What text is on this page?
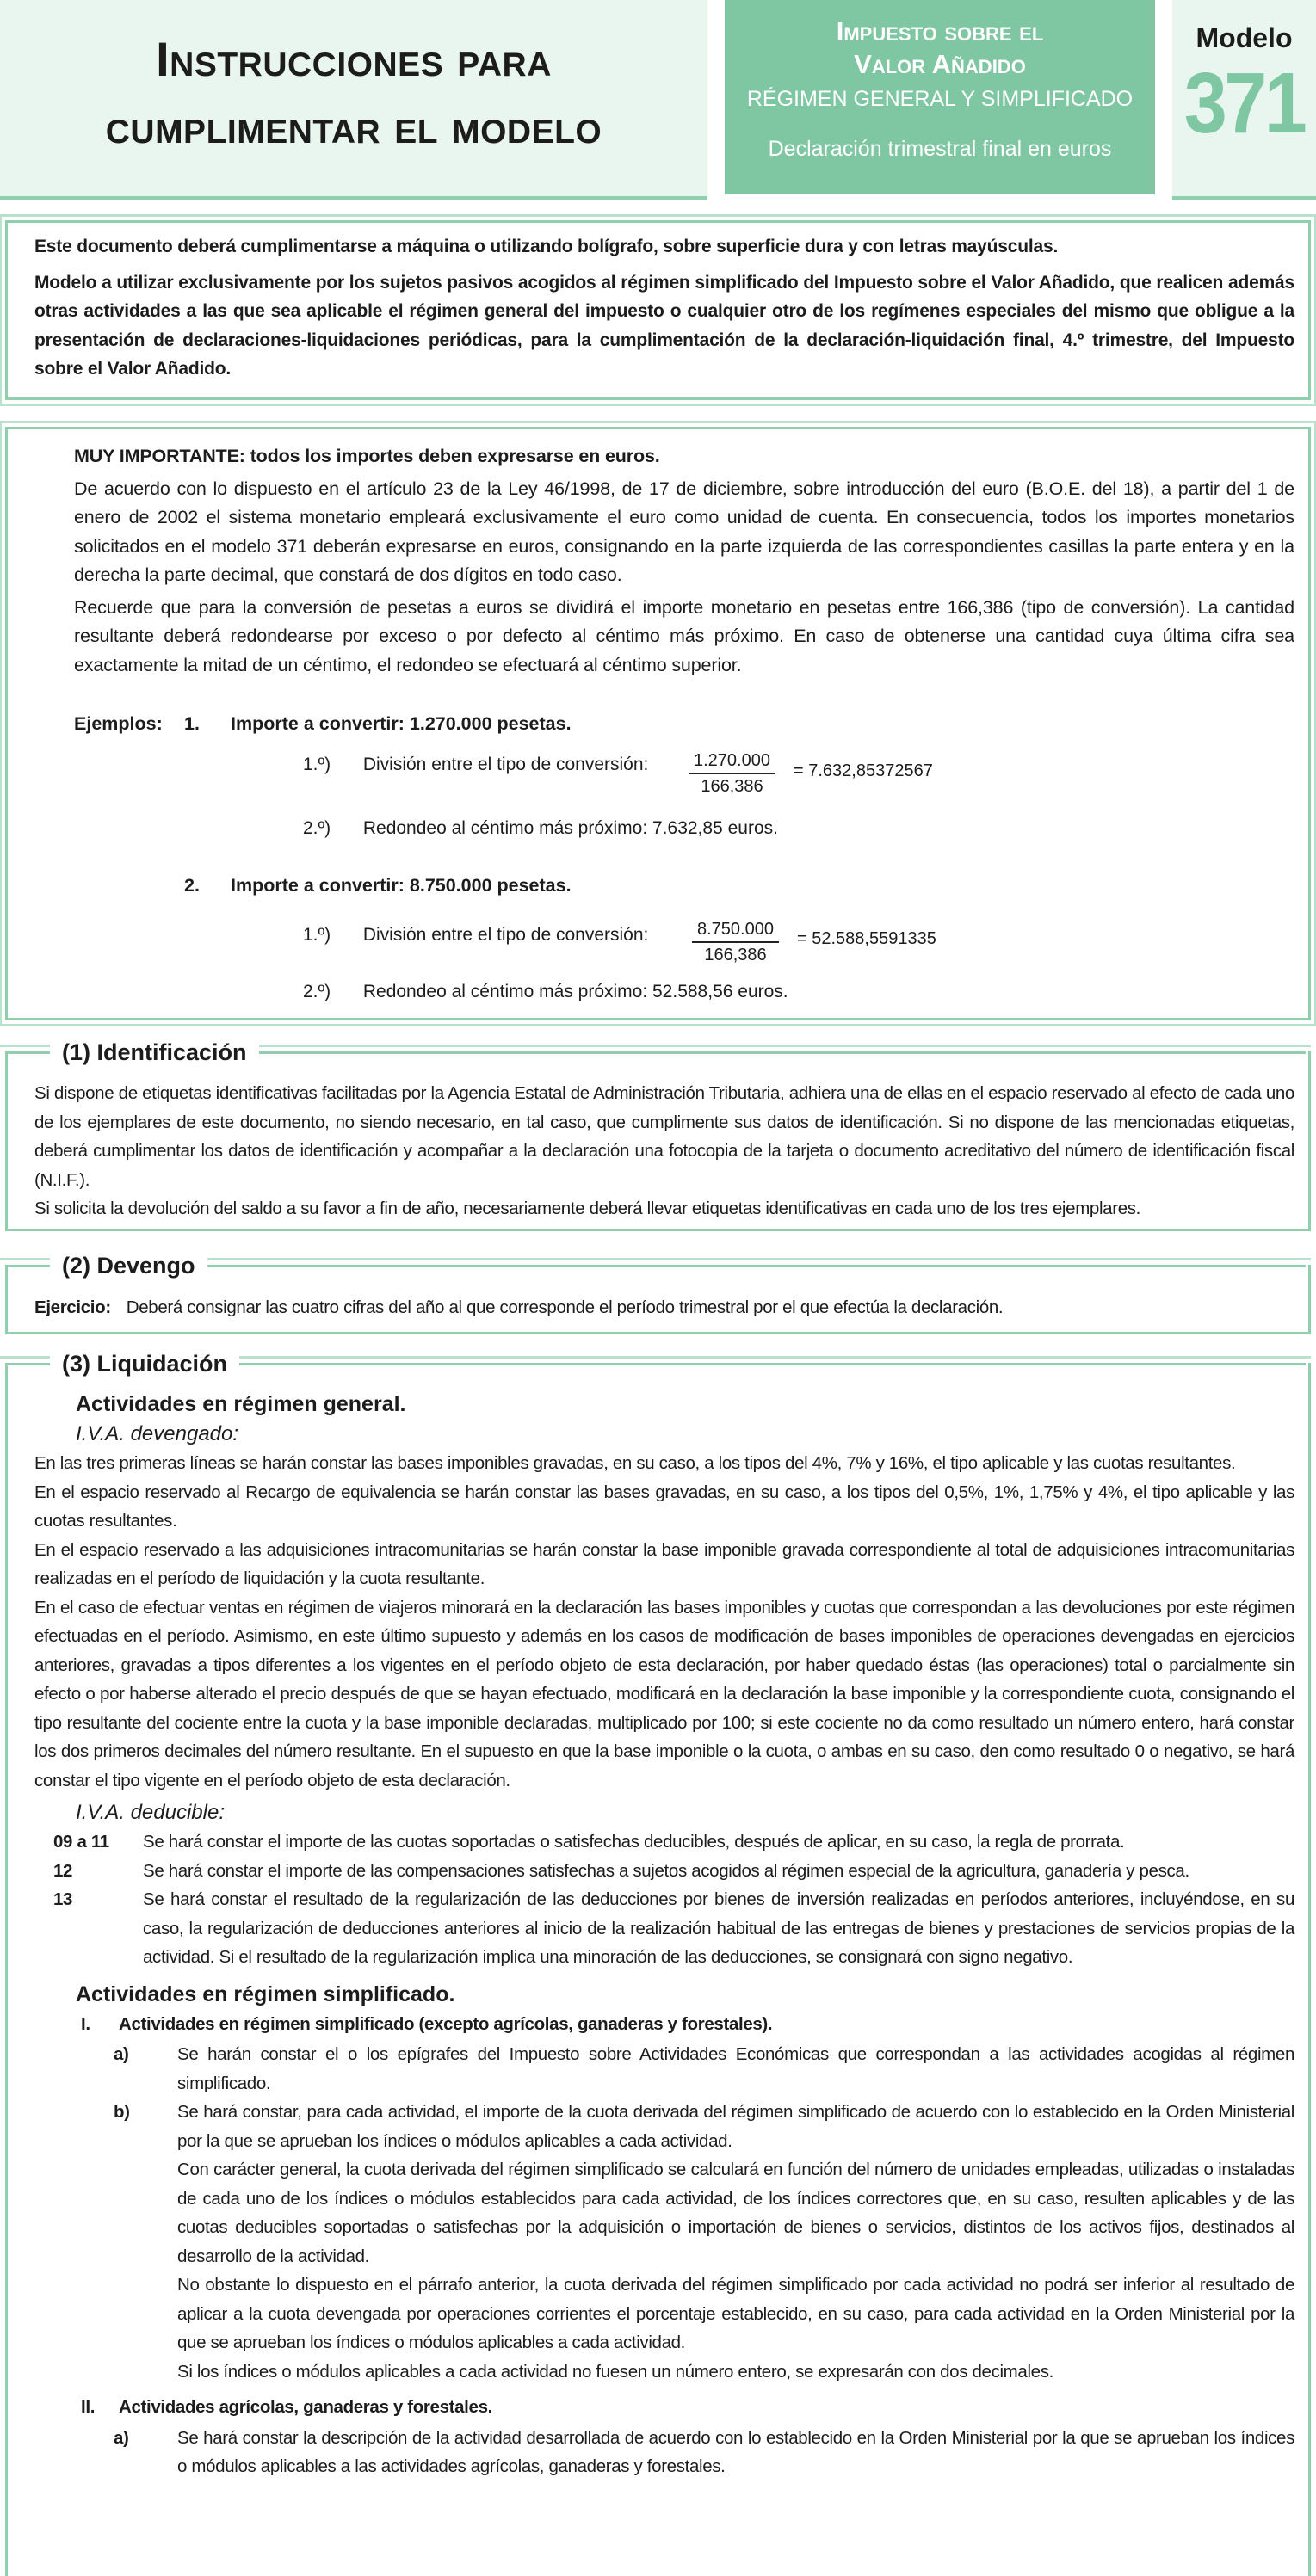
Instrucciones para
cumplimentar el modelo
Impuesto sobre el
Valor Añadido
RÉGIMEN GENERAL Y SIMPLIFICADO
Declaración trimestral final en euros
Modelo
371

Este documento deberá cumplimentarse a máquina o utilizando bolígrafo, sobre superficie dura y con letras mayúsculas.

Modelo a utilizar exclusivamente por los sujetos pasivos acogidos al régimen simplificado del Impuesto sobre el Valor Añadido, que realicen además otras actividades a las que sea aplicable el régimen general del impuesto o cualquier otro de los regímenes especiales del mismo que obligue a la presentación de declaraciones-liquidaciones periódicas, para la cumplimentación de la declaración-liquidación final, 4.º trimestre, del Impuesto sobre el Valor Añadido.

MUY IMPORTANTE: todos los importes deben expresarse en euros.

De acuerdo con lo dispuesto en el artículo 23 de la Ley 46/1998, de 17 de diciembre, sobre introducción del euro (B.O.E. del 18), a partir del 1 de enero de 2002 el sistema monetario empleará exclusivamente el euro como unidad de cuenta. En consecuencia, todos los importes monetarios solicitados en el modelo 371 deberán expresarse en euros, consignando en la parte izquierda de las correspondientes casillas la parte entera y en la derecha la parte decimal, que constará de dos dígitos en todo caso.

Recuerde que para la conversión de pesetas a euros se dividirá el importe monetario en pesetas entre 166,386 (tipo de conversión). La cantidad resultante deberá redondearse por exceso o por defecto al céntimo más próximo. En caso de obtenerse una cantidad cuya última cifra sea exactamente la mitad de un céntimo, el redondeo se efectuará al céntimo superior.

Ejemplos: 1. Importe a convertir: 1.270.000 pesetas.
1.º) División entre el tipo de conversión: $\frac{1.270.000}{166,386} = 7.632,85372567$
2.º) Redondeo al céntimo más próximo: 7.632,85 euros.
2. Importe a convertir: 8.750.000 pesetas.
1.º) División entre el tipo de conversión:	$\frac{8.750.000}{166,386} = 52.588,5591335$
2.º) Redondeo al céntimo más próximo: 52.588,56 euros.
(1) Identificación

Si dispone de etiquetas identificativas facilitadas por la Agencia Estatal de Administración Tributaria, adhiera una de ellas en el espacio reservado al efecto de cada uno de los ejemplares de este documento, no siendo necesario, en tal caso, que cumplimente sus datos de identificación. Si no dispone de las mencionadas etiquetas, deberá cumplimentar los datos de identificación y acompañar a la declaración una fotocopia de la tarjeta o documento acreditativo del número de identificación fiscal (N.I.F.).

Si solicita la devolución del saldo a su favor a fin de año, necesariamente deberá llevar etiquetas identificativas en cada uno de los tres ejemplares.

(2) Devengo
Ejercicio: Deberá consignar las cuatro cifras del año al que corresponde el período trimestral por el que efectúa la declaración.
(3) Liquidación
Actividades en régimen general.
I.V.A. devengado:

En las tres primeras líneas se harán constar las bases imponibles gravadas, en su caso, a los tipos del 4%, 7% y 16%, el tipo aplicable y las cuotas resultantes.

En el espacio reservado al Recargo de equivalencia se harán constar las bases gravadas, en su caso, a los tipos del 0,5%, 1%, 1,75% y 4%, el tipo aplicable y las cuotas resultantes.

En el espacio reservado a las adquisiciones intracomunitarias se harán constar la base imponible gravada correspondiente al total de adquisiciones intracomunitarias realizadas en el período de liquidación y la cuota resultante.

En el caso de efectuar ventas en régimen de viajeros minorará en la declaración las bases imponibles y cuotas que correspondan a las devoluciones por este régimen efectuadas en el período. Asimismo, en este último supuesto y además en los casos de modificación de bases imponibles de operaciones devengadas en ejercicios anteriores, gravadas a tipos diferentes a los vigentes en el período objeto de esta declaración, por haber quedado éstas (las operaciones) total o parcialmente sin efecto o por haberse alterado el precio después de que se hayan efectuado, modificará en la declaración la base imponible y la correspondiente cuota, consignando el tipo resultante del cociente entre la cuota y la base imponible declaradas, multiplicado por 100; si este cociente no da como resultado un número entero, hará constar los dos primeros decimales del número resultante. En el supuesto en que la base imponible o la cuota, o ambas en su caso, den como resultado 0 o negativo, se hará constar el tipo vigente en el período objeto de esta declaración.

I.V.A. deducible:
09 a 11	Se hará constar el importe de las cuotas soportadas o satisfechas deducibles, después de aplicar, en su caso, la regla de prorrata.
12	Se hará constar el importe de las compensaciones satisfechas a sujetos acogidos al régimen especial de la agricultura, ganadería y pesca.
13	Se hará constar el resultado de la regularización de las deducciones por bienes de inversión realizadas en períodos anteriores, incluyéndose, en su caso, la regularización de deducciones anteriores al inicio de la realización habitual de las entregas de bienes y prestaciones de servicios propias de la actividad. Si el resultado de la regularización implica una minoración de las deducciones, se consignará con signo negativo.
Actividades en régimen simplificado.
I.	Actividades en régimen simplificado (excepto agrícolas, ganaderas y forestales).
a)	Se harán constar el o los epígrafes del Impuesto sobre Actividades Económicas que correspondan a las actividades acogidas al régimen simplificado.
b)	Se hará constar, para cada actividad, el importe de la cuota derivada del régimen simplificado de acuerdo con lo establecido en la Orden Ministerial por la que se aprueban los índices o módulos aplicables a cada actividad.

Con carácter general, la cuota derivada del régimen simplificado se calculará en función del número de unidades empleadas, utilizadas o instaladas de cada uno de los índices o módulos establecidos para cada actividad, de los índices correctores que, en su caso, resulten aplicables y de las cuotas deducibles soportadas o satisfechas por la adquisición o importación de bienes o servicios, distintos de los activos fijos, destinados al desarrollo de la actividad.

No obstante lo dispuesto en el párrafo anterior, la cuota derivada del régimen simplificado por cada actividad no podrá ser inferior al resultado de aplicar a la cuota devengada por operaciones corrientes el porcentaje establecido, en su caso, para cada actividad en la Orden Ministerial por la que se aprueban los índices o módulos aplicables a cada actividad.

Si los índices o módulos aplicables a cada actividad no fuesen un número entero, se expresarán con dos decimales.

II.	Actividades agrícolas, ganaderas y forestales.
a)	Se hará constar la descripción de la actividad desarrollada de acuerdo con lo establecido en la Orden Ministerial por la que se aprueban los índices o módulos aplicables a las actividades agrícolas, ganaderas y forestales.
